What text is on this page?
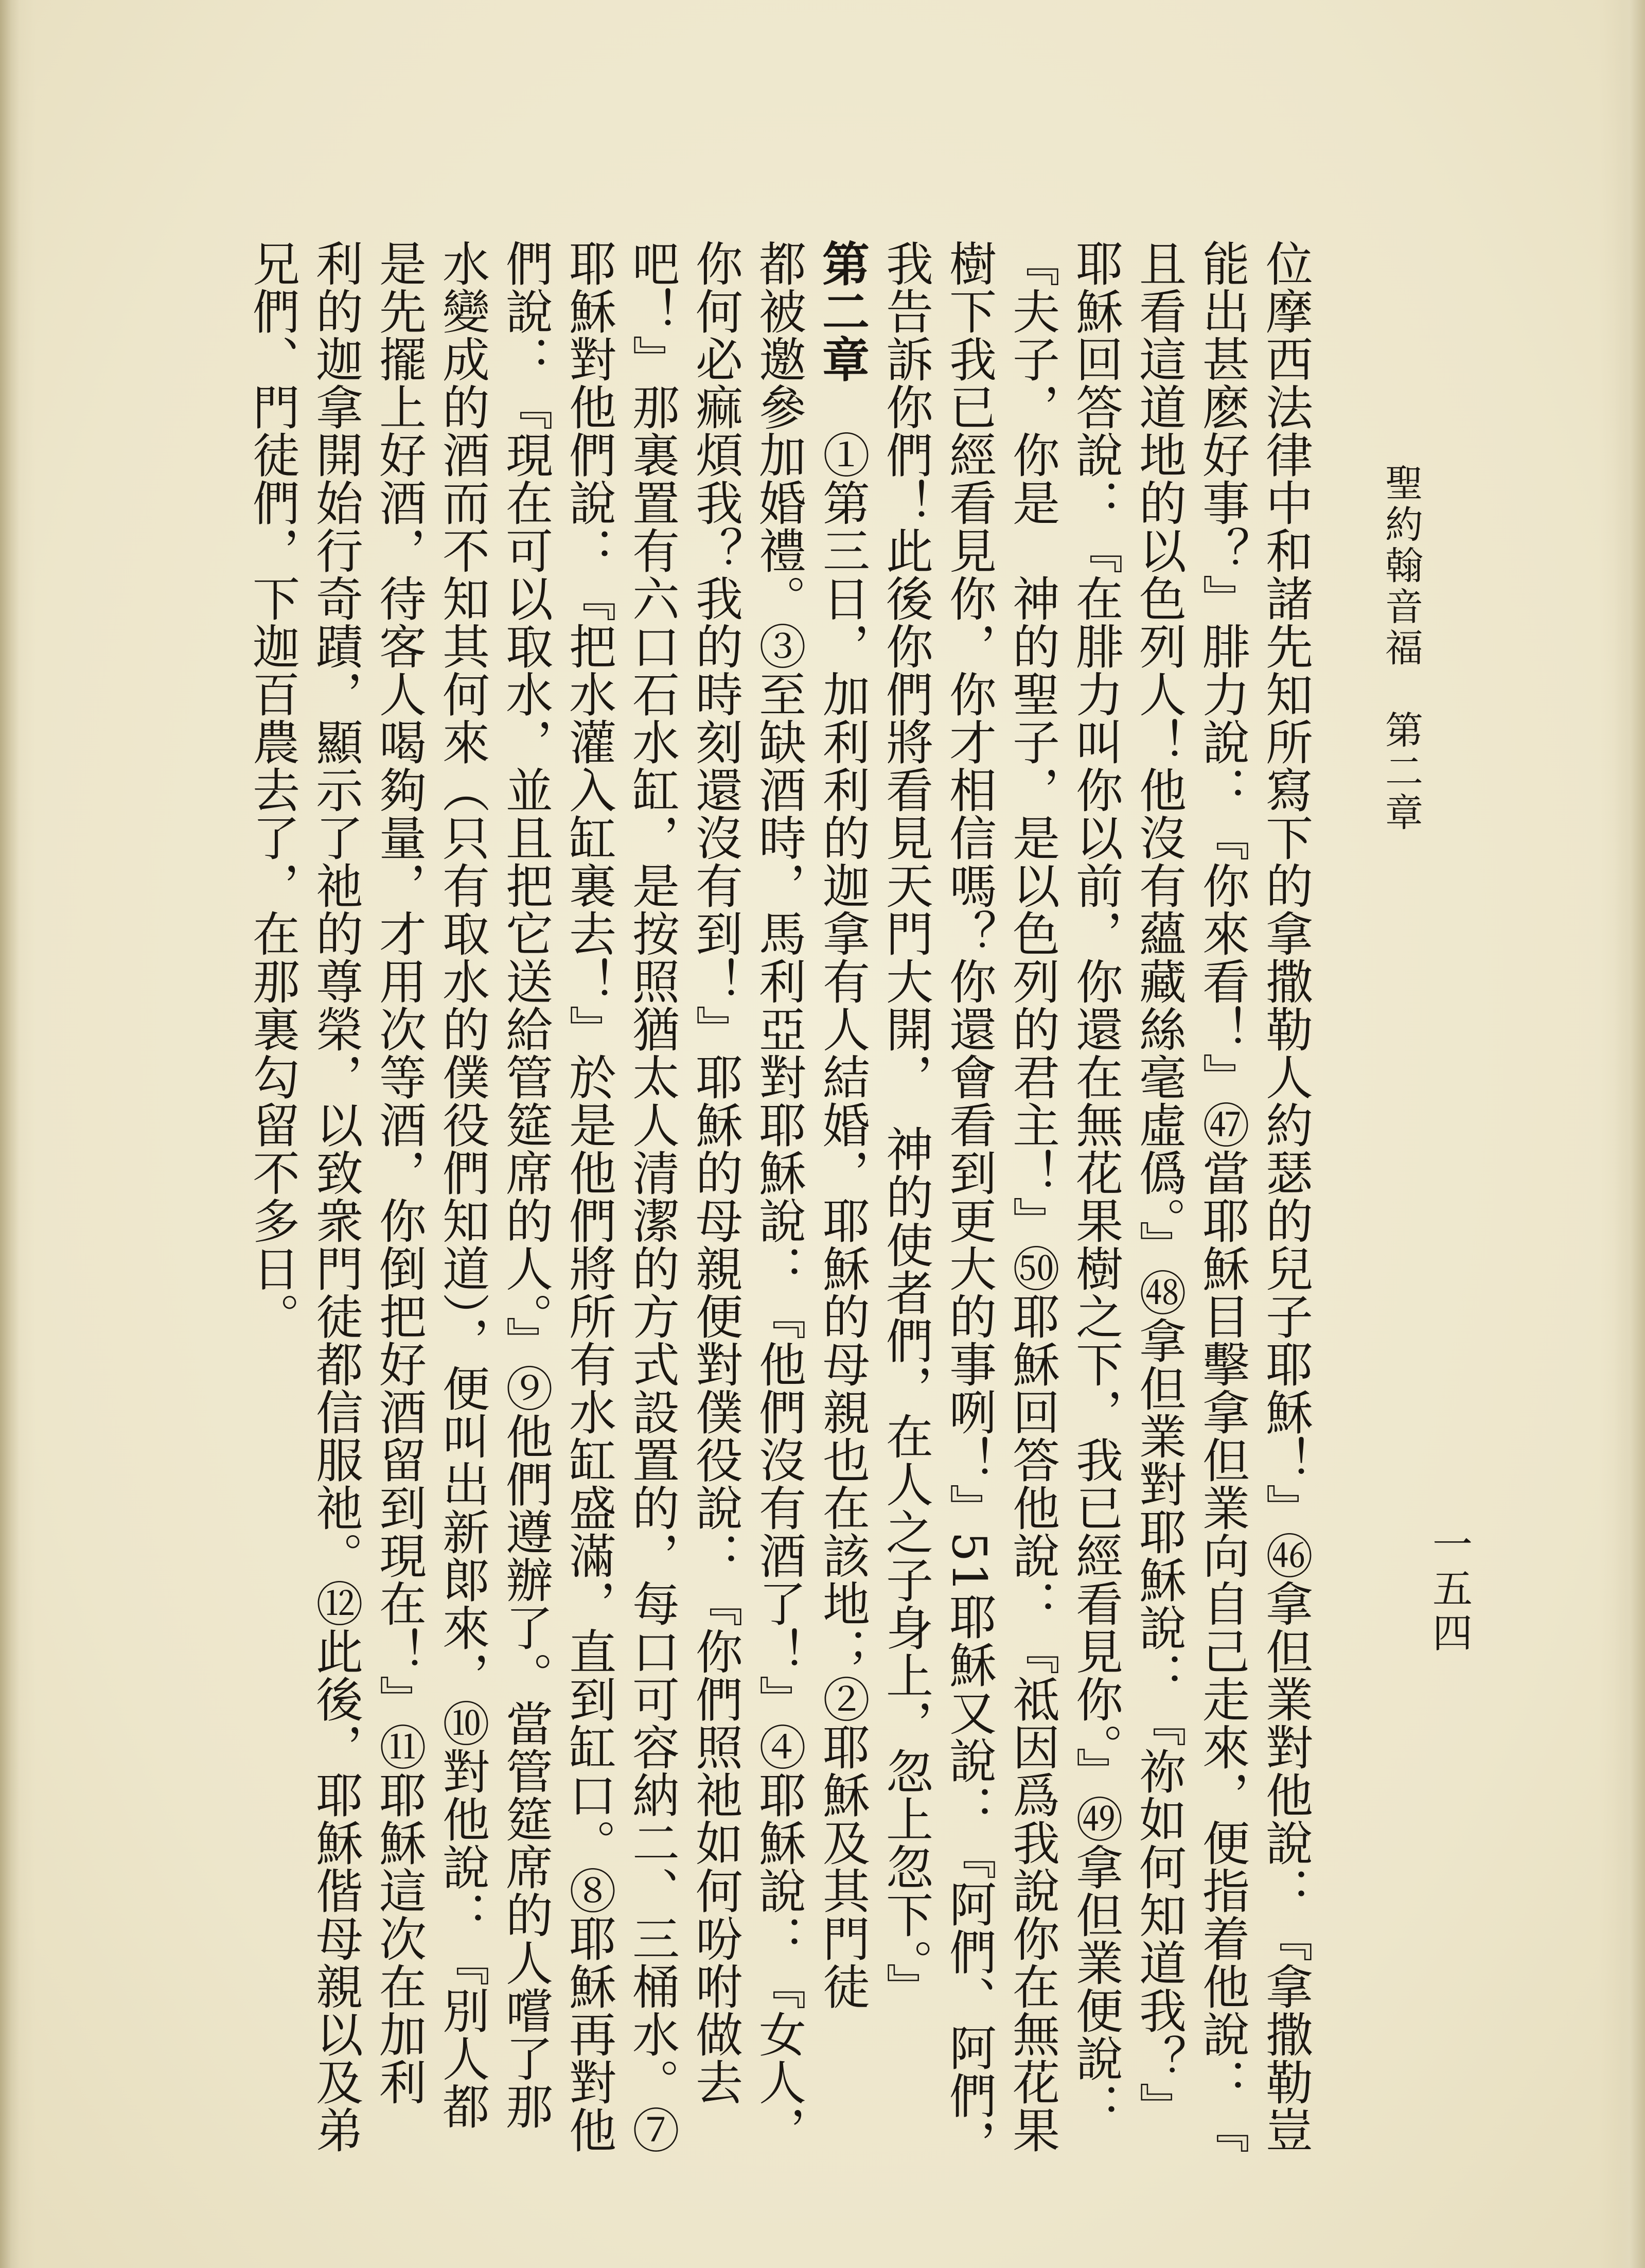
聖約翰音福　第二章
一五四
位摩西法律中和諸先知所寫下的拿撒勒人約瑟的兒子耶穌！』㊻拿但業對他說：『拿撒勒豈
能出甚麽好事？』腓力說：『你來看！』㊼當耶穌目擊拿但業向自己走來，便指着他說：『
且看這道地的以色列人！他沒有蘊藏絲毫虛僞。』㊽拿但業對耶穌說：『祢如何知道我？』
耶穌回答說：『在腓力叫你以前，你還在無花果樹之下，我已經看見你。』㊾拿但業便說：
『夫子，你是　神的聖子，是以色列的君主！』㊿耶穌回答他說：『祗因爲我說你在無花果
樹下我已經看見你，你才相信嗎？你還會看到更大的事咧！』51耶穌又說：『阿們、阿們，
我告訴你們！此後你們將看見天門大開，　神的使者們，在人之子身上，忽上忽下。』
第二章　①第三日，加利利的迦拿有人結婚，耶穌的母親也在該地；②耶穌及其門徒
都被邀參加婚禮。③至缺酒時，馬利亞對耶穌說：『他們沒有酒了！』④耶穌說：『女人，
你何必痲煩我？我的時刻還沒有到！』耶穌的母親便對僕役說：『你們照祂如何吩咐做去
吧！』那裏置有六口石水缸，是按照猶太人清潔的方式設置的，每口可容納二、三桶水。⑦
耶穌對他們說：『把水灌入缸裏去！』於是他們將所有水缸盛滿，直到缸口。⑧耶穌再對他
們說：『現在可以取水，並且把它送給管筵席的人。』⑨他們遵辦了。當管筵席的人嚐了那
水變成的酒而不知其何來（只有取水的僕役們知道），便叫出新郞來，⑩對他說：『別人都
是先擺上好酒，待客人喝夠量，才用次等酒，你倒把好酒留到現在！』⑪耶穌這次在加利
利的迦拿開始行奇蹟，顯示了祂的尊榮，以致衆門徒都信服祂。⑫此後，耶穌偕母親以及弟
兄們、門徒們，下迦百農去了，在那裏勾留不多日。
